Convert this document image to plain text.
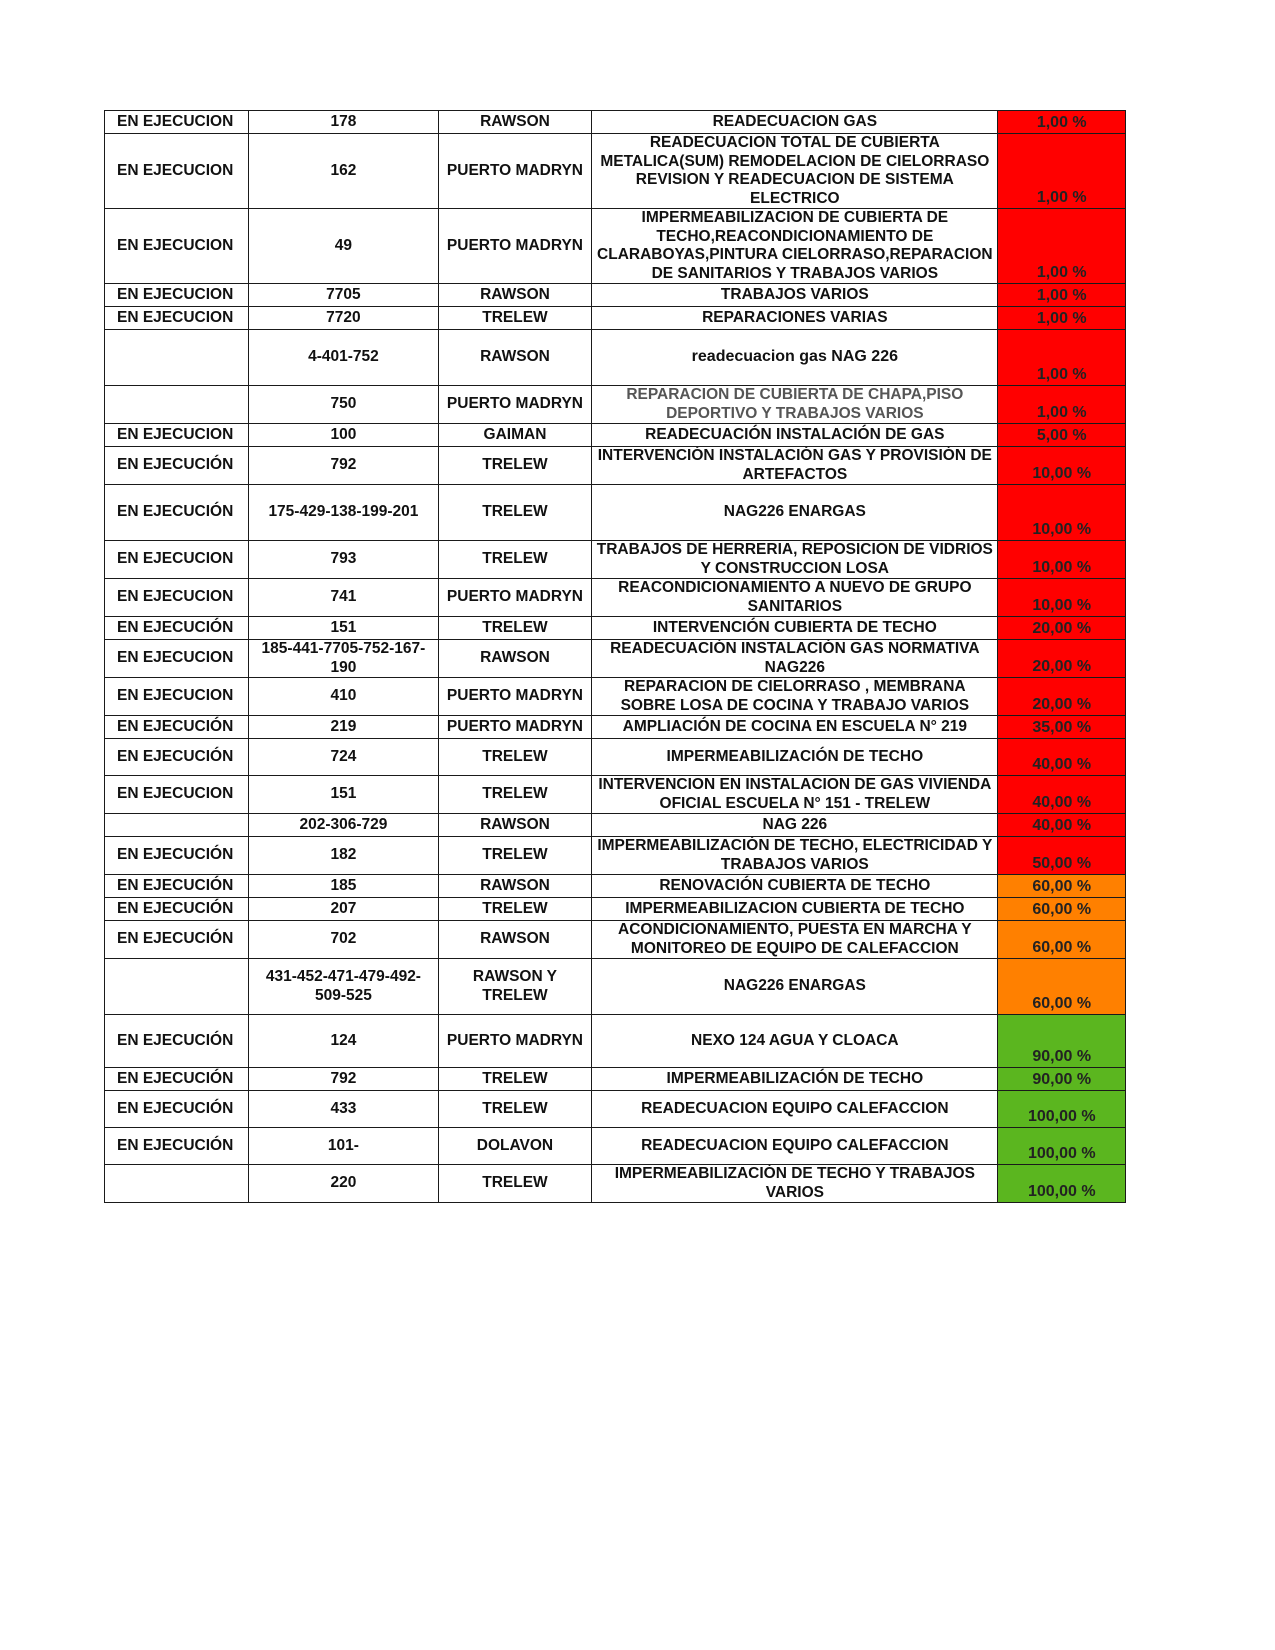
EN EJECUCION	178	RAWSON	READECUACION GAS	1,00 %
EN EJECUCION	162	PUERTO MADRYN	READECUACION TOTAL DE CUBIERTA METALICA(SUM) REMODELACION DE CIELORRASO REVISION Y READECUACION DE SISTEMA ELECTRICO	1,00 %
EN EJECUCION	49	PUERTO MADRYN	IMPERMEABILIZACION DE CUBIERTA DE TECHO,REACONDICIONAMIENTO DE CLARABOYAS,PINTURA CIELORRASO,REPARACION DE SANITARIOS Y TRABAJOS VARIOS	1,00 %
EN EJECUCION	7705	RAWSON	TRABAJOS VARIOS	1,00 %
EN EJECUCION	7720	TRELEW	REPARACIONES VARIAS	1,00 %
	4-401-752	RAWSON	readecuacion gas NAG 226	1,00 %
	750	PUERTO MADRYN	REPARACION DE CUBIERTA DE CHAPA,PISO DEPORTIVO Y TRABAJOS VARIOS	1,00 %
EN EJECUCION	100	GAIMAN	READECUACIÓN INSTALACIÓN DE GAS	5,00 %
EN EJECUCIÓN	792	TRELEW	INTERVENCIÓN INSTALACIÓN GAS Y PROVISIÓN DE ARTEFACTOS	10,00 %
EN EJECUCIÓN	175-429-138-199-201	TRELEW	NAG226 ENARGAS	10,00 %
EN EJECUCION	793	TRELEW	TRABAJOS DE HERRERIA, REPOSICION DE VIDRIOS Y CONSTRUCCION LOSA	10,00 %
EN EJECUCION	741	PUERTO MADRYN	REACONDICIONAMIENTO A NUEVO DE GRUPO SANITARIOS	10,00 %
EN EJECUCIÓN	151	TRELEW	INTERVENCIÓN CUBIERTA DE TECHO	20,00 %
EN EJECUCION	185-441-7705-752-167-190	RAWSON	READECUACIÓN INSTALACIÓN GAS NORMATIVA NAG226	20,00 %
EN EJECUCION	410	PUERTO MADRYN	REPARACION DE CIELORRASO , MEMBRANA SOBRE LOSA DE COCINA Y TRABAJO VARIOS	20,00 %
EN EJECUCIÓN	219	PUERTO MADRYN	AMPLIACIÓN DE COCINA EN ESCUELA N° 219	35,00 %
EN EJECUCIÓN	724	TRELEW	IMPERMEABILIZACIÓN DE TECHO	40,00 %
EN EJECUCION	151	TRELEW	INTERVENCION EN INSTALACION DE GAS VIVIENDA OFICIAL ESCUELA N° 151 - TRELEW	40,00 %
	202-306-729	RAWSON	NAG 226	40,00 %
EN EJECUCIÓN	182	TRELEW	IMPERMEABILIZACIÓN DE TECHO, ELECTRICIDAD Y TRABAJOS VARIOS	50,00 %
EN EJECUCIÓN	185	RAWSON	RENOVACIÓN CUBIERTA DE TECHO	60,00 %
EN EJECUCIÓN	207	TRELEW	IMPERMEABILIZACION CUBIERTA DE TECHO	60,00 %
EN EJECUCIÓN	702	RAWSON	ACONDICIONAMIENTO, PUESTA EN MARCHA Y MONITOREO DE EQUIPO DE CALEFACCION	60,00 %
	431-452-471-479-492-509-525	RAWSON Y TRELEW	NAG226 ENARGAS	60,00 %
EN EJECUCIÓN	124	PUERTO MADRYN	NEXO 124 AGUA Y CLOACA	90,00 %
EN EJECUCIÓN	792	TRELEW	IMPERMEABILIZACIÓN DE TECHO	90,00 %
EN EJECUCIÓN	433	TRELEW	READECUACION EQUIPO CALEFACCION	100,00 %
EN EJECUCIÓN	101-	DOLAVON	READECUACION EQUIPO CALEFACCION	100,00 %
	220	TRELEW	IMPERMEABILIZACIÓN DE TECHO Y TRABAJOS VARIOS	100,00 %
